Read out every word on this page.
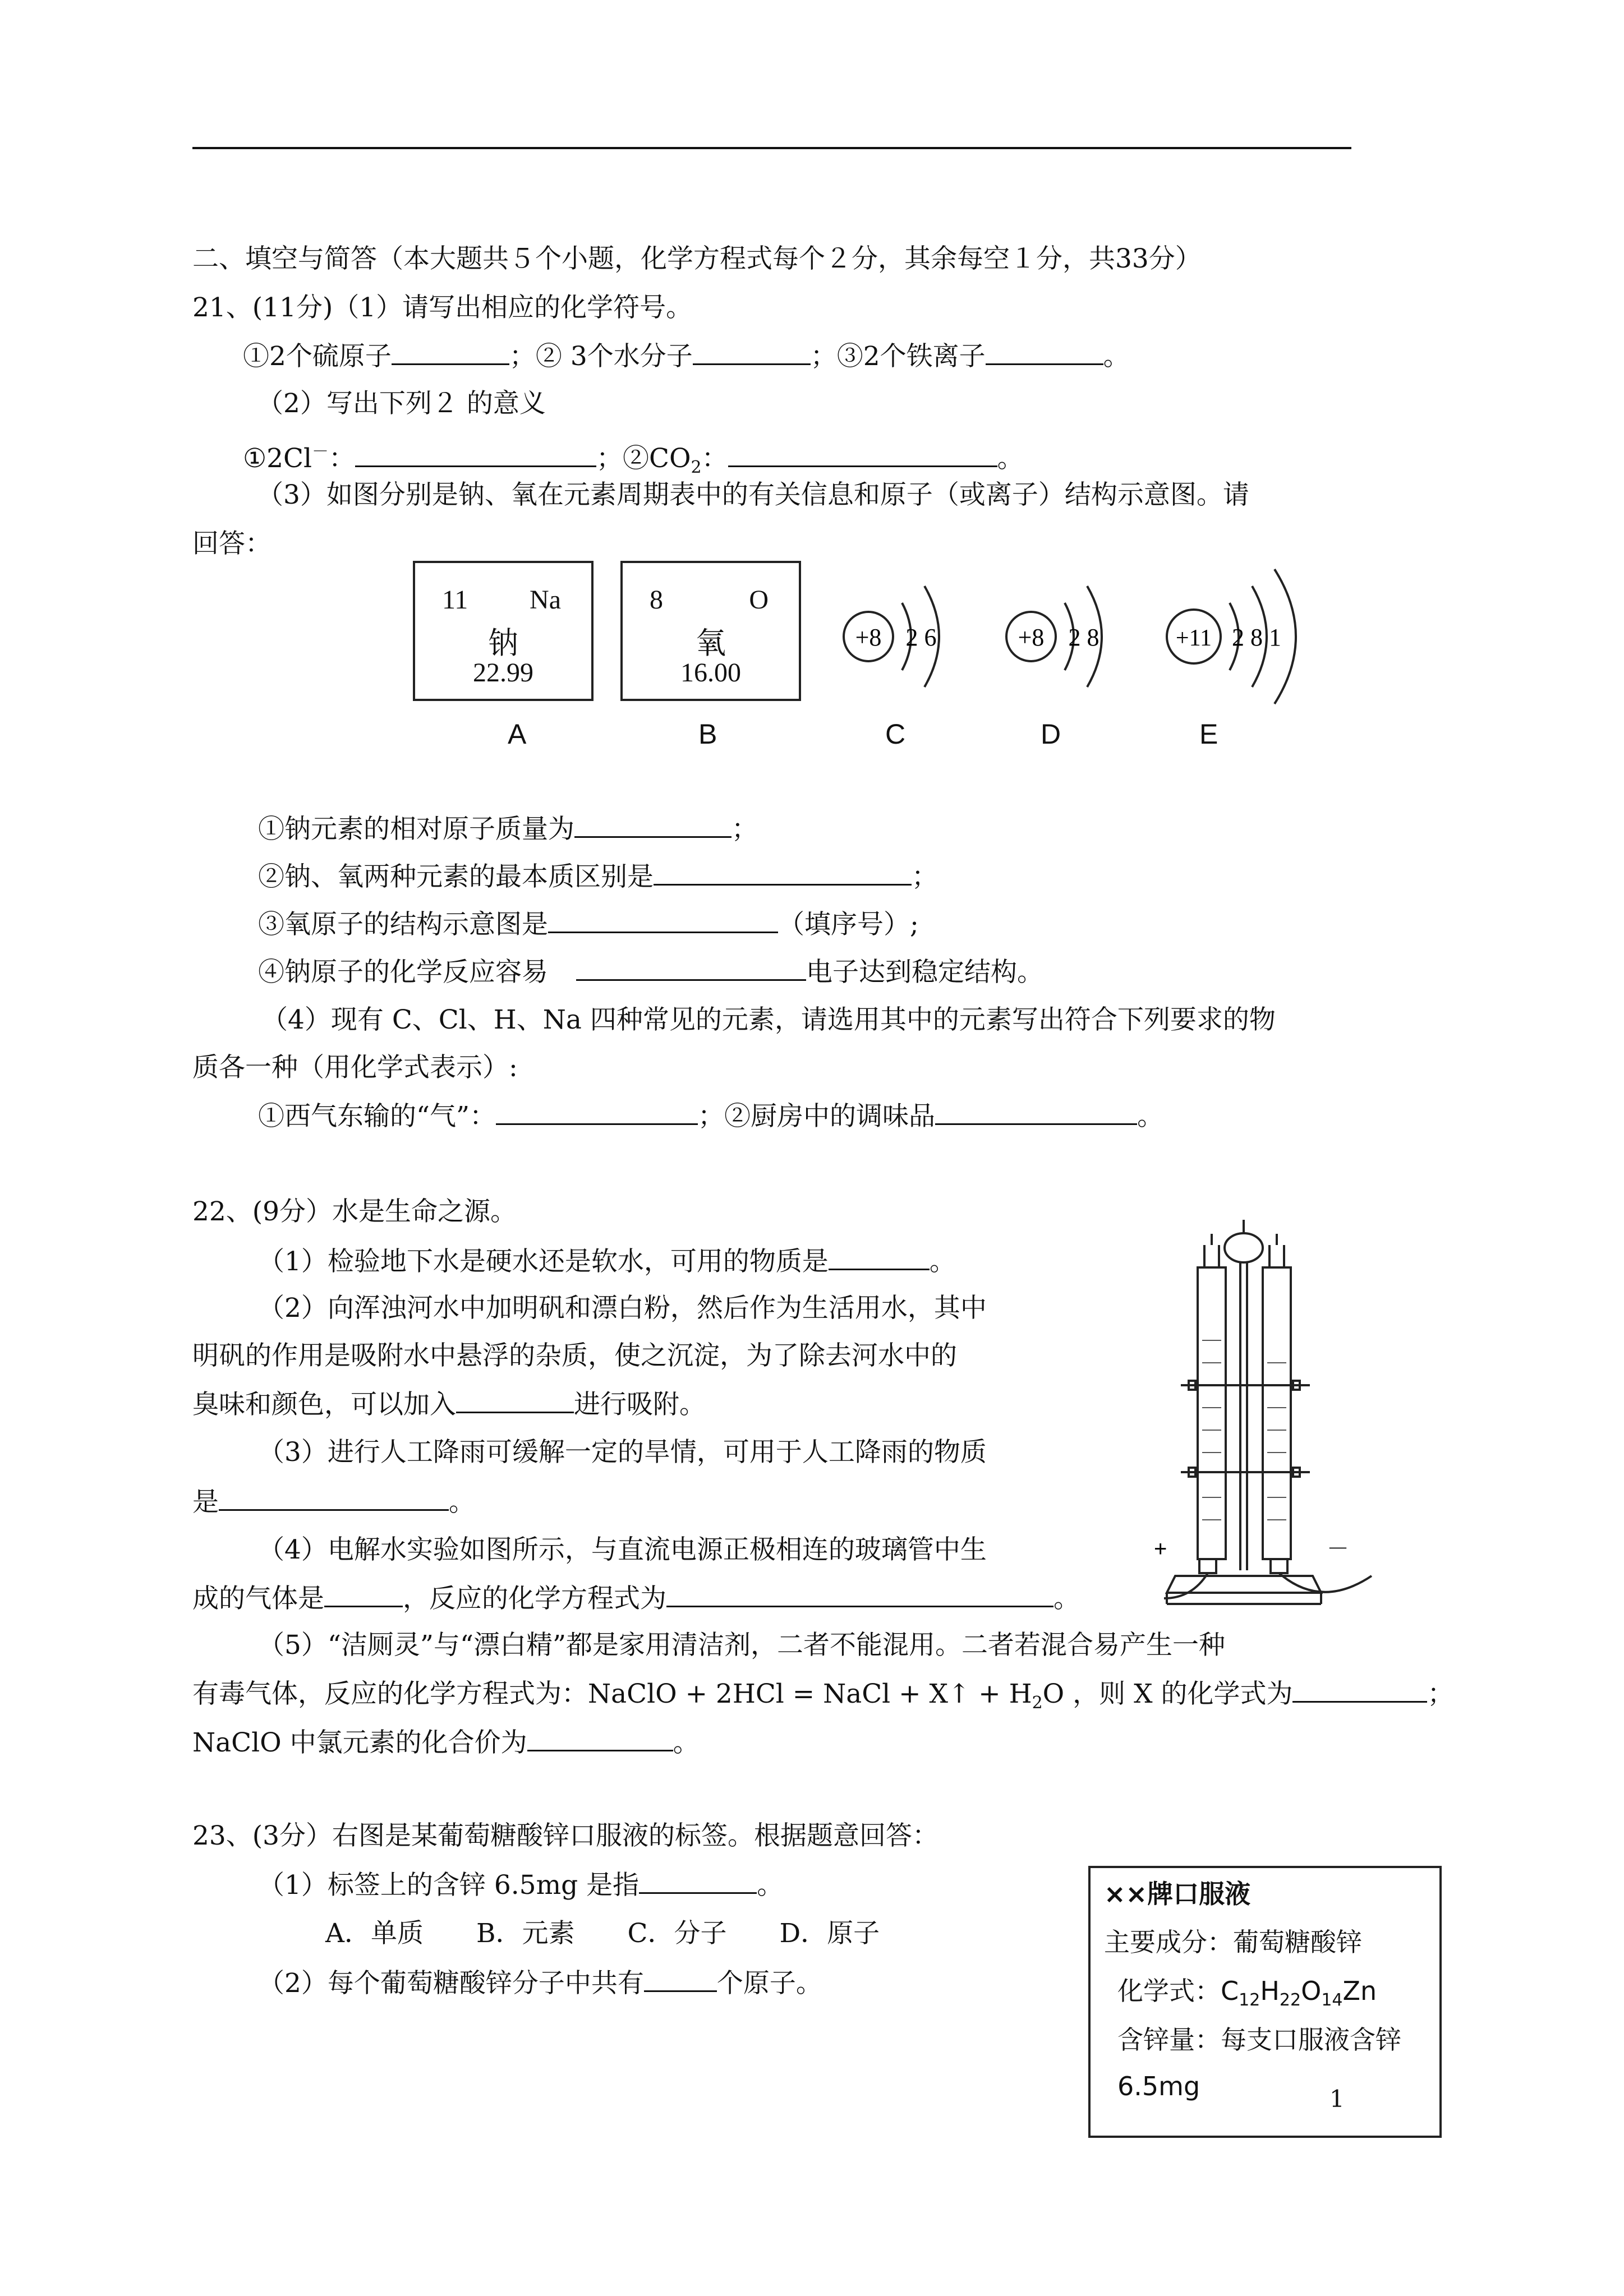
二、填空与简答（本大题共５个小题，化学方程式每个２分，其余每空１分，共33分）
21、(11分)（1）请写出相应的化学符号。
①2个硫原子	；② 3个水分子	；③2个铁离子	。
（2）写出下列２ 的意义
①2Cl－：	；$②CO_2$：	。
（3）如图分别是钠、氧在元素周期表中的有关信息和原子（或离子）结构示意图。请
回答：
11 Na
钠
22.99
8	O
氧
16.00
+8 2 6	+8 2 8	+11 2 8 1
A	B	C	D	E
①钠元素的相对原子质量为	；
②钠、氧两种元素的最本质区别是	；
③氧原子的结构示意图是	（填序号）;
④钠原子的化学反应容易	电子达到稳定结构。
（4）现有 C、Cl、H、Na 四种常见的元素，请选用其中的元素写出符合下列要求的物
质各一种（用化学式表示）:
①西气东输的“气”：	；②厨房中的调味品	。
22、(9分）水是生命之源。
（1）检验地下水是硬水还是软水，可用的物质是	。
（2）向浑浊河水中加明矾和漂白粉，然后作为生活用水，其中
明矾的作用是吸附水中悬浮的杂质，使之沉淀，为了除去河水中的
臭味和颜色，可以加入	进行吸附。
（3）进行人工降雨可缓解一定的旱情，可用于人工降雨的物质
是	。
（4）电解水实验如图所示，与直流电源正极相连的玻璃管中生
成的气体是	，反应的化学方程式为	。
（5）“洁厕灵”与“漂白精”都是家用清洁剂，二者不能混用。二者若混合易产生一种
有毒气体，反应的化学方程式为：NaClO + 2HCl = NaCl + X↑ + $H_2O$ ，则 X 的化学式为	；
NaClO 中氯元素的化合价为	。
+	－
23、(3分）右图是某葡萄糖酸锌口服液的标签。根据题意回答：
（1）标签上的含锌 6.5mg 是指	。
A．单质　　B．元素　　C．分子　　D．原子
（2）每个葡萄糖酸锌分子中共有	个原子。
××牌口服液
主要成分：葡萄糖酸锌
化学式：$C_{12}H_{22}O_{14}Zn$
含锌量：每支口服液含锌
6.5mg	1
